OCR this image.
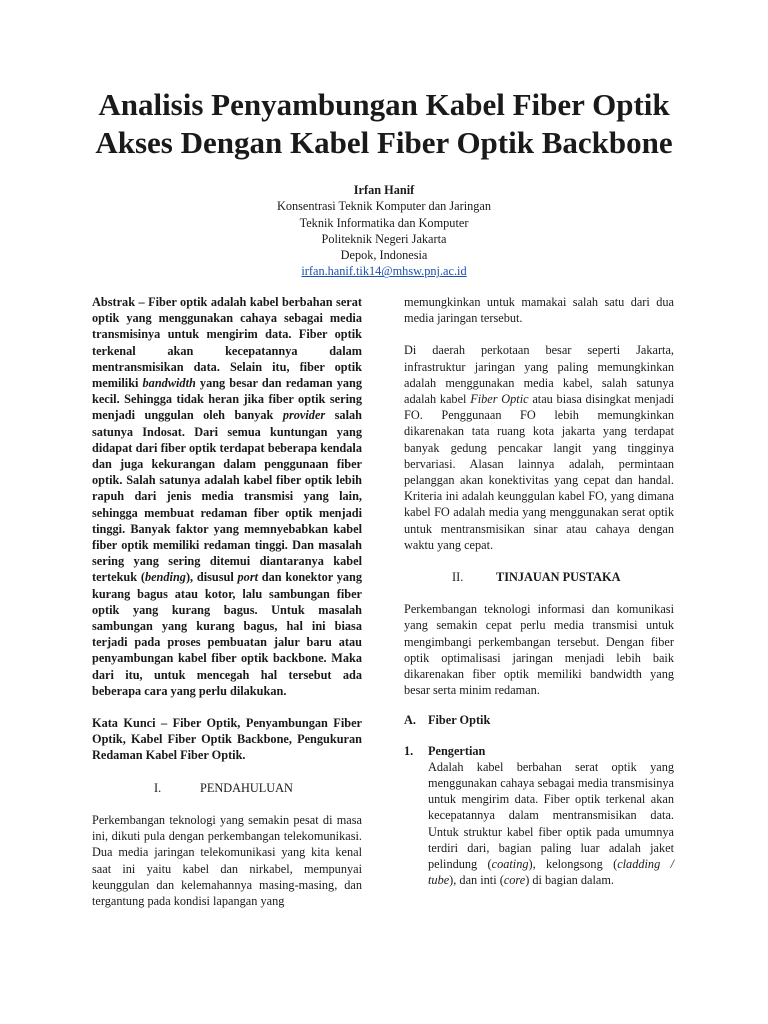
Analisis Penyambungan Kabel Fiber Optik
Akses Dengan Kabel Fiber Optik Backbone
Irfan Hanif
Konsentrasi Teknik Komputer dan Jaringan
Teknik Informatika dan Komputer
Politeknik Negeri Jakarta
Depok, Indonesia
irfan.hanif.tik14@mhsw.pnj.ac.id

Abstrak – Fiber optik adalah kabel berbahan serat optik yang menggunakan cahaya sebagai media transmisinya untuk mengirim data. Fiber optik terkenal akan kecepatannya dalam mentransmisikan data. Selain itu, fiber optik memiliki bandwidth yang besar dan redaman yang kecil. Sehingga tidak heran jika fiber optik sering menjadi unggulan oleh banyak provider salah satunya Indosat. Dari semua kuntungan yang didapat dari fiber optik terdapat beberapa kendala dan juga kekurangan dalam penggunaan fiber optik. Salah satunya adalah kabel fiber optik lebih rapuh dari jenis media transmisi yang lain, sehingga membuat redaman fiber optik menjadi tinggi. Banyak faktor yang memnyebabkan kabel fiber optik memiliki redaman tinggi. Dan masalah sering yang sering ditemui diantaranya kabel tertekuk (bending), disusul port dan konektor yang kurang bagus atau kotor, lalu sambungan fiber optik yang kurang bagus. Untuk masalah sambungan yang kurang bagus, hal ini biasa terjadi pada proses pembuatan jalur baru atau penyambungan kabel fiber optik backbone. Maka dari itu, untuk mencegah hal tersebut ada beberapa cara yang perlu dilakukan.

Kata Kunci – Fiber Optik, Penyambungan Fiber Optik, Kabel Fiber Optik Backbone, Pengukuran Redaman Kabel Fiber Optik.

I.	PENDAHULUAN

Perkembangan teknologi yang semakin pesat di masa ini, dikuti pula dengan perkembangan telekomunikasi. Dua media jaringan telekomunikasi yang kita kenal saat ini yaitu kabel dan nirkabel, mempunyai keunggulan dan kelemahannya masing-masing, dan tergantung pada kondisi lapangan yang

memungkinkan untuk mamakai salah satu dari dua media jaringan tersebut.

Di daerah perkotaan besar seperti Jakarta, infrastruktur jaringan yang paling memungkinkan adalah menggunakan media kabel, salah satunya adalah kabel Fiber Optic atau biasa disingkat menjadi FO. Penggunaan FO lebih memungkinkan dikarenakan tata ruang kota jakarta yang terdapat banyak gedung pencakar langit yang tingginya bervariasi. Alasan lainnya adalah, permintaan pelanggan akan konektivitas yang cepat dan handal. Kriteria ini adalah keunggulan kabel FO, yang dimana kabel FO adalah media yang menggunakan serat optik untuk mentransmisikan sinar atau cahaya dengan waktu yang cepat.

II.	TINJAUAN PUSTAKA

Perkembangan teknologi informasi dan komunikasi yang semakin cepat perlu media transmisi untuk mengimbangi perkembangan tersebut. Dengan fiber optik optimalisasi jaringan menjadi lebih baik dikarenakan fiber optik memiliki bandwidth yang besar serta minim redaman.

A. Fiber Optik

1. Pengertian

Adalah kabel berbahan serat optik yang menggunakan cahaya sebagai media transmisinya untuk mengirim data. Fiber optik terkenal akan kecepatannya dalam mentransmisikan data. Untuk struktur kabel fiber optik pada umumnya terdiri dari, bagian paling luar adalah jaket pelindung (coating), kelongsong (cladding / tube), dan inti (core) di bagian dalam.
